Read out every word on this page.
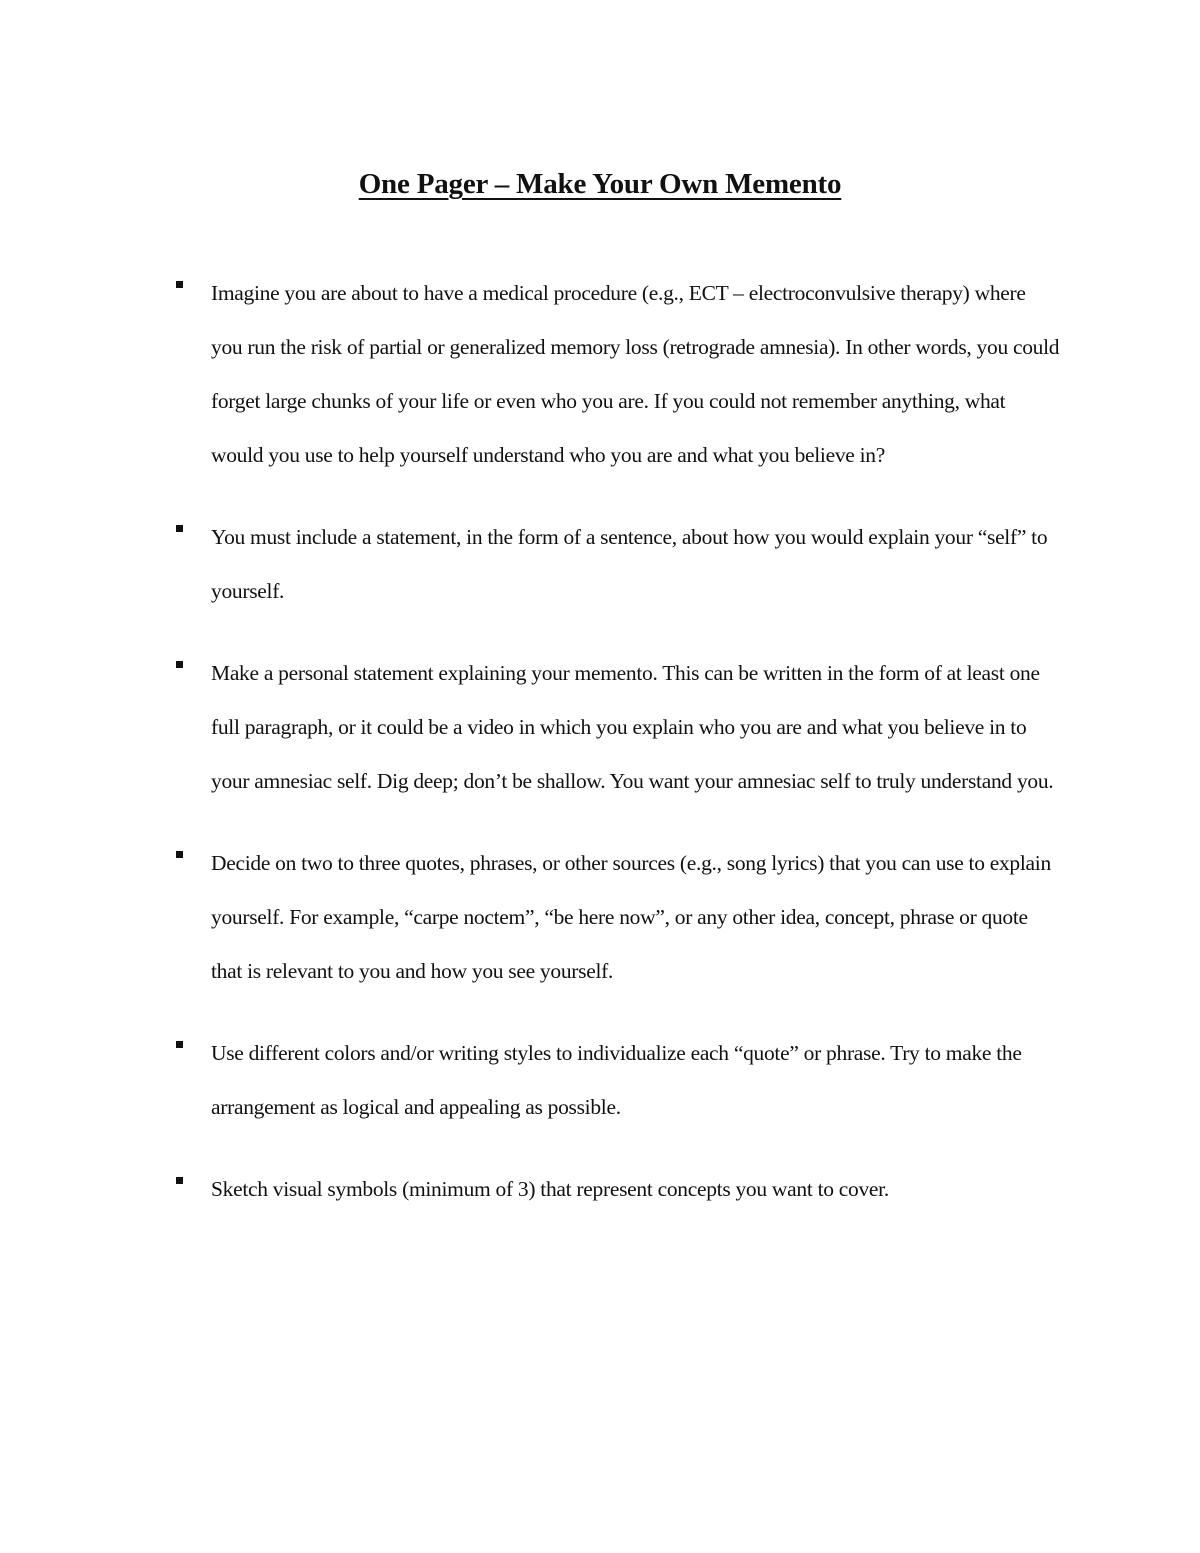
One Pager – Make Your Own Memento
Imagine you are about to have a medical procedure (e.g., ECT – electroconvulsive therapy) where you run the risk of partial or generalized memory loss (retrograde amnesia). In other words, you could forget large chunks of your life or even who you are. If you could not remember anything, what would you use to help yourself understand who you are and what you believe in?
You must include a statement, in the form of a sentence, about how you would explain your “self” to yourself.
Make a personal statement explaining your memento. This can be written in the form of at least one full paragraph, or it could be a video in which you explain who you are and what you believe in to your amnesiac self. Dig deep; don’t be shallow. You want your amnesiac self to truly understand you.
Decide on two to three quotes, phrases, or other sources (e.g., song lyrics) that you can use to explain yourself. For example, “carpe noctem”, “be here now”, or any other idea, concept, phrase or quote that is relevant to you and how you see yourself.
Use different colors and/or writing styles to individualize each “quote” or phrase. Try to make the arrangement as logical and appealing as possible.
Sketch visual symbols (minimum of 3) that represent concepts you want to cover.
